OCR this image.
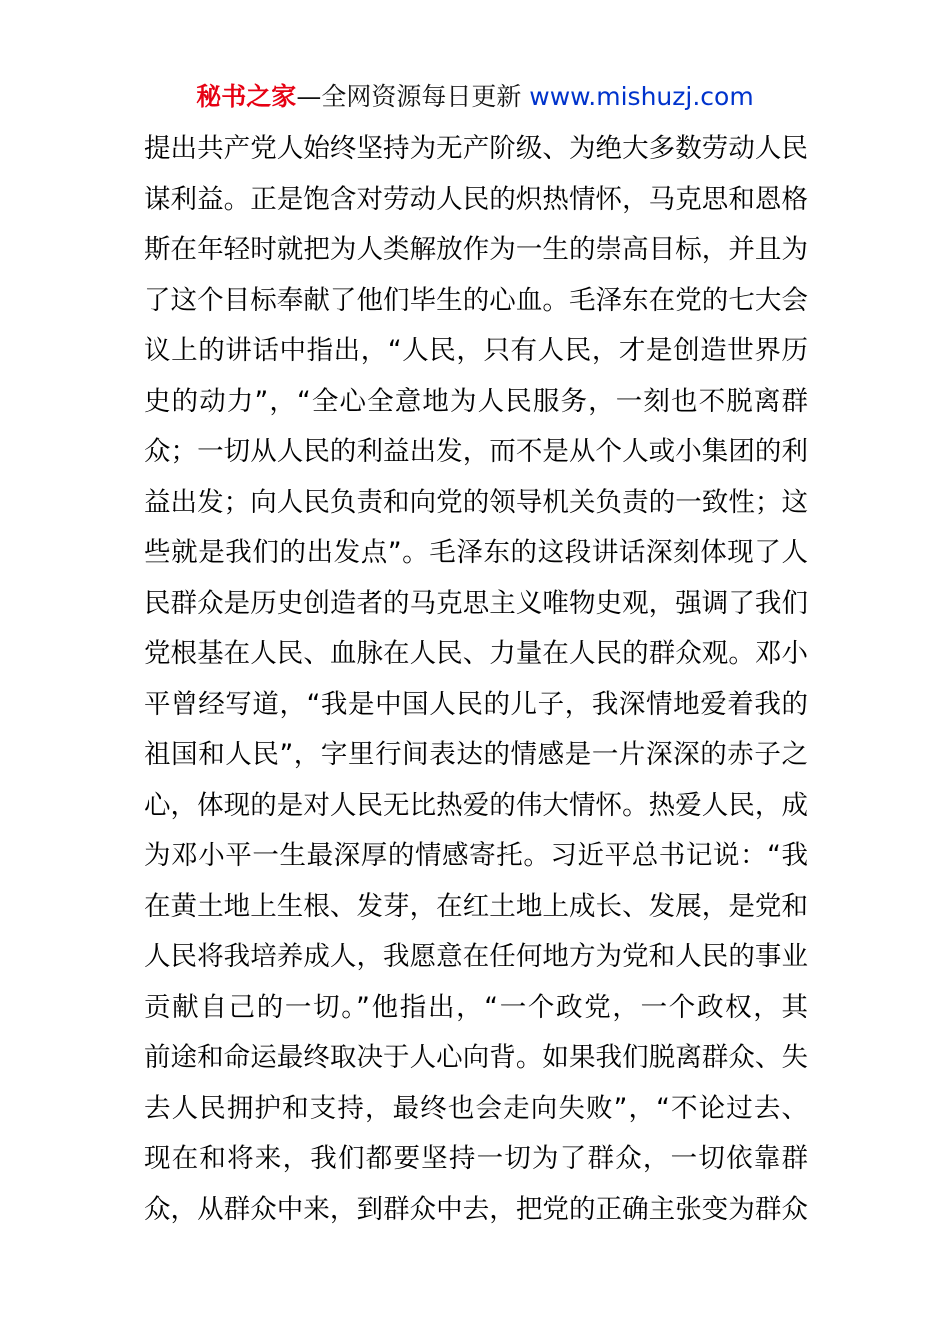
秘书之家—全网资源每日更新 www.mishuzj.com
提出共产党人始终坚持为无产阶级、为绝大多数劳动人民
谋利益。正是饱含对劳动人民的炽热情怀，马克思和恩格
斯在年轻时就把为人类解放作为一生的崇高目标，并且为
了这个目标奉献了他们毕生的心血。毛泽东在党的七大会
议上的讲话中指出，“人民，只有人民，才是创造世界历
史的动力”，“全心全意地为人民服务，一刻也不脱离群
众；一切从人民的利益出发，而不是从个人或小集团的利
益出发；向人民负责和向党的领导机关负责的一致性；这
些就是我们的出发点”。毛泽东的这段讲话深刻体现了人
民群众是历史创造者的马克思主义唯物史观，强调了我们
党根基在人民、血脉在人民、力量在人民的群众观。邓小
平曾经写道，“我是中国人民的儿子，我深情地爱着我的
祖国和人民”，字里行间表达的情感是一片深深的赤子之
心，体现的是对人民无比热爱的伟大情怀。热爱人民，成
为邓小平一生最深厚的情感寄托。习近平总书记说：“我
在黄土地上生根、发芽，在红土地上成长、发展，是党和
人民将我培养成人，我愿意在任何地方为党和人民的事业
贡献自己的一切。”他指出，“一个政党，一个政权，其
前途和命运最终取决于人心向背。如果我们脱离群众、失
去人民拥护和支持，最终也会走向失败”，“不论过去、
现在和将来，我们都要坚持一切为了群众，一切依靠群
众，从群众中来，到群众中去，把党的正确主张变为群众
